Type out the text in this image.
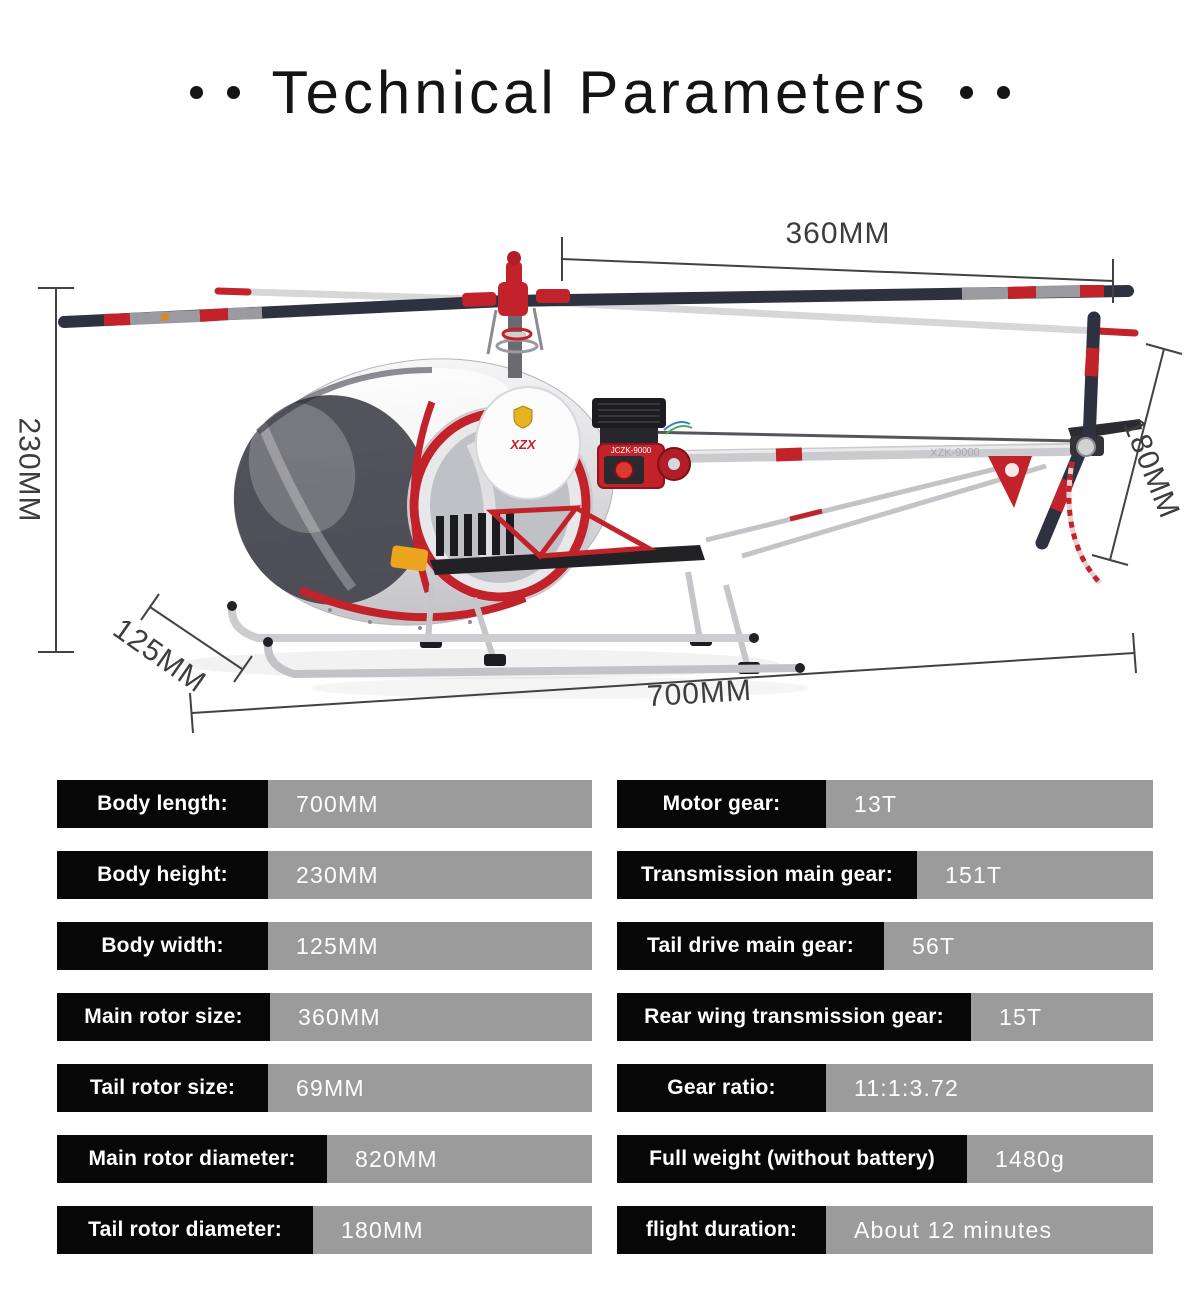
XZK-9000
XZX	JCZK-9000
360MM
230MM	180MM
125MM	700MM
Technical Parameters
Body length:	700MM
Body height:	230MM
Body width:	125MM
Main rotor size:	360MM
Tail rotor size:	69MM
Main rotor diameter:	820MM
Tail rotor diameter:	180MM
Motor gear:	13T
Transmission main gear:	151T
Tail drive main gear:	56T
Rear wing transmission gear:	15T
Gear ratio:	11:1:3.72
Full weight (without battery)	1480g
flight duration:	About 12 minutes
